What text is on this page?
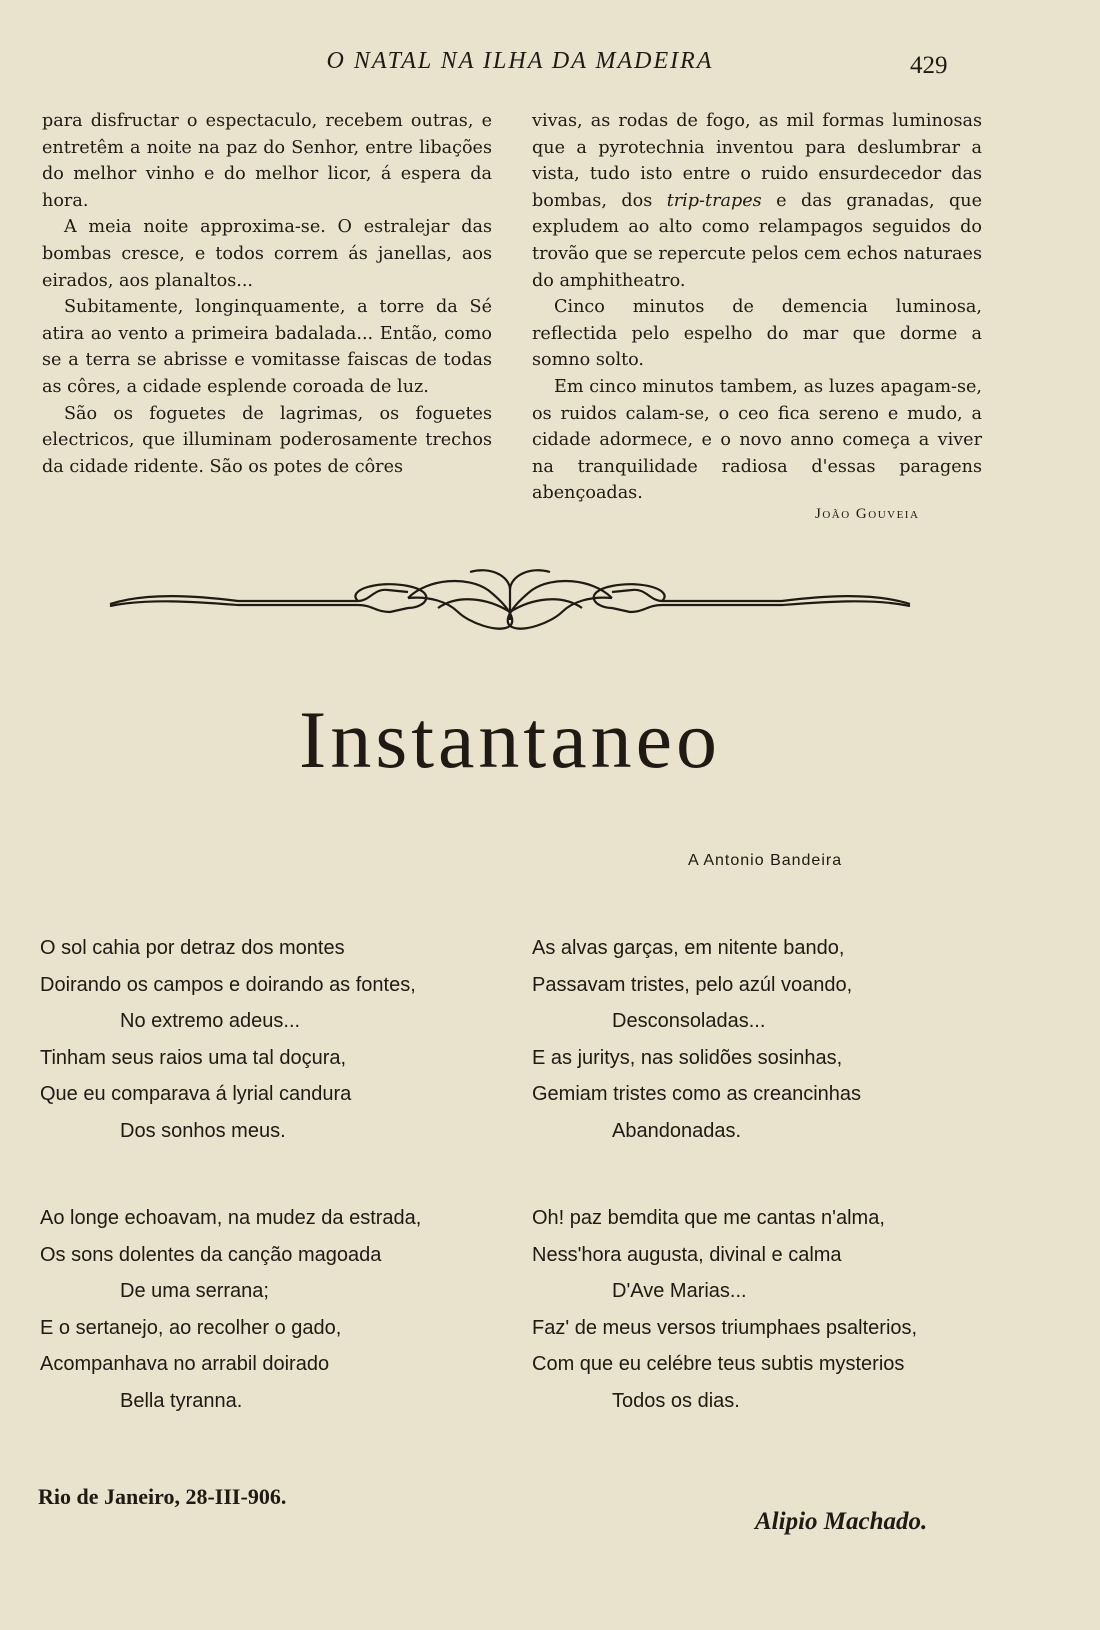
O NATAL NA ILHA DA MADEIRA	429

para disfructar o espectaculo, recebem outras, e entretêm a noite na paz do Senhor, entre libações do melhor vinho e do melhor licor, á espera da hora.

A meia noite approxima-se. O estralejar das bombas cresce, e todos correm ás janellas, aos eirados, aos planaltos...

Subitamente, longinquamente, a torre da Sé atira ao vento a primeira badalada... Então, como se a terra se abrisse e vomitasse faiscas de todas as côres, a cidade esplende coroada de luz.

São os foguetes de lagrimas, os foguetes electricos, que illuminam poderosamente trechos da cidade ridente. São os potes de côres

vivas, as rodas de fogo, as mil formas luminosas que a pyrotechnia inventou para deslumbrar a vista, tudo isto entre o ruido ensurdecedor das bombas, dos trip-trapes e das granadas, que expludem ao alto como relampagos seguidos do trovão que se repercute pelos cem echos naturaes do amphitheatro.

Cinco minutos de demencia luminosa, reflectida pelo espelho do mar que dorme a somno solto.

Em cinco minutos tambem, as luzes apagam-se, os ruidos calam-se, o ceo fica sereno e mudo, a cidade adormece, e o novo anno começa a viver na tranquilidade radiosa d'essas paragens abençoadas.

João Gouveia
Instantaneo
A Antonio Bandeira
O sol cahia por detraz dos montes
Doirando os campos e doirando as fontes,
No extremo adeus...
Tinham seus raios uma tal doçura,
Que eu comparava á lyrial candura
Dos sonhos meus.
As alvas garças, em nitente bando,
Passavam tristes, pelo azúl voando,
Desconsoladas...
E as juritys, nas solidões sosinhas,
Gemiam tristes como as creancinhas
Abandonadas.
Ao longe echoavam, na mudez da estrada,
Os sons dolentes da canção magoada
De uma serrana;
E o sertanejo, ao recolher o gado,
Acompanhava no arrabil doirado
Bella tyranna.
Oh! paz bemdita que me cantas n'alma,
Ness'hora augusta, divinal e calma
D'Ave Marias...
Faz' de meus versos triumphaes psalterios,
Com que eu celébre teus subtis mysterios
Todos os dias.
Rio de Janeiro, 28-III-906.
Alipio Machado.
